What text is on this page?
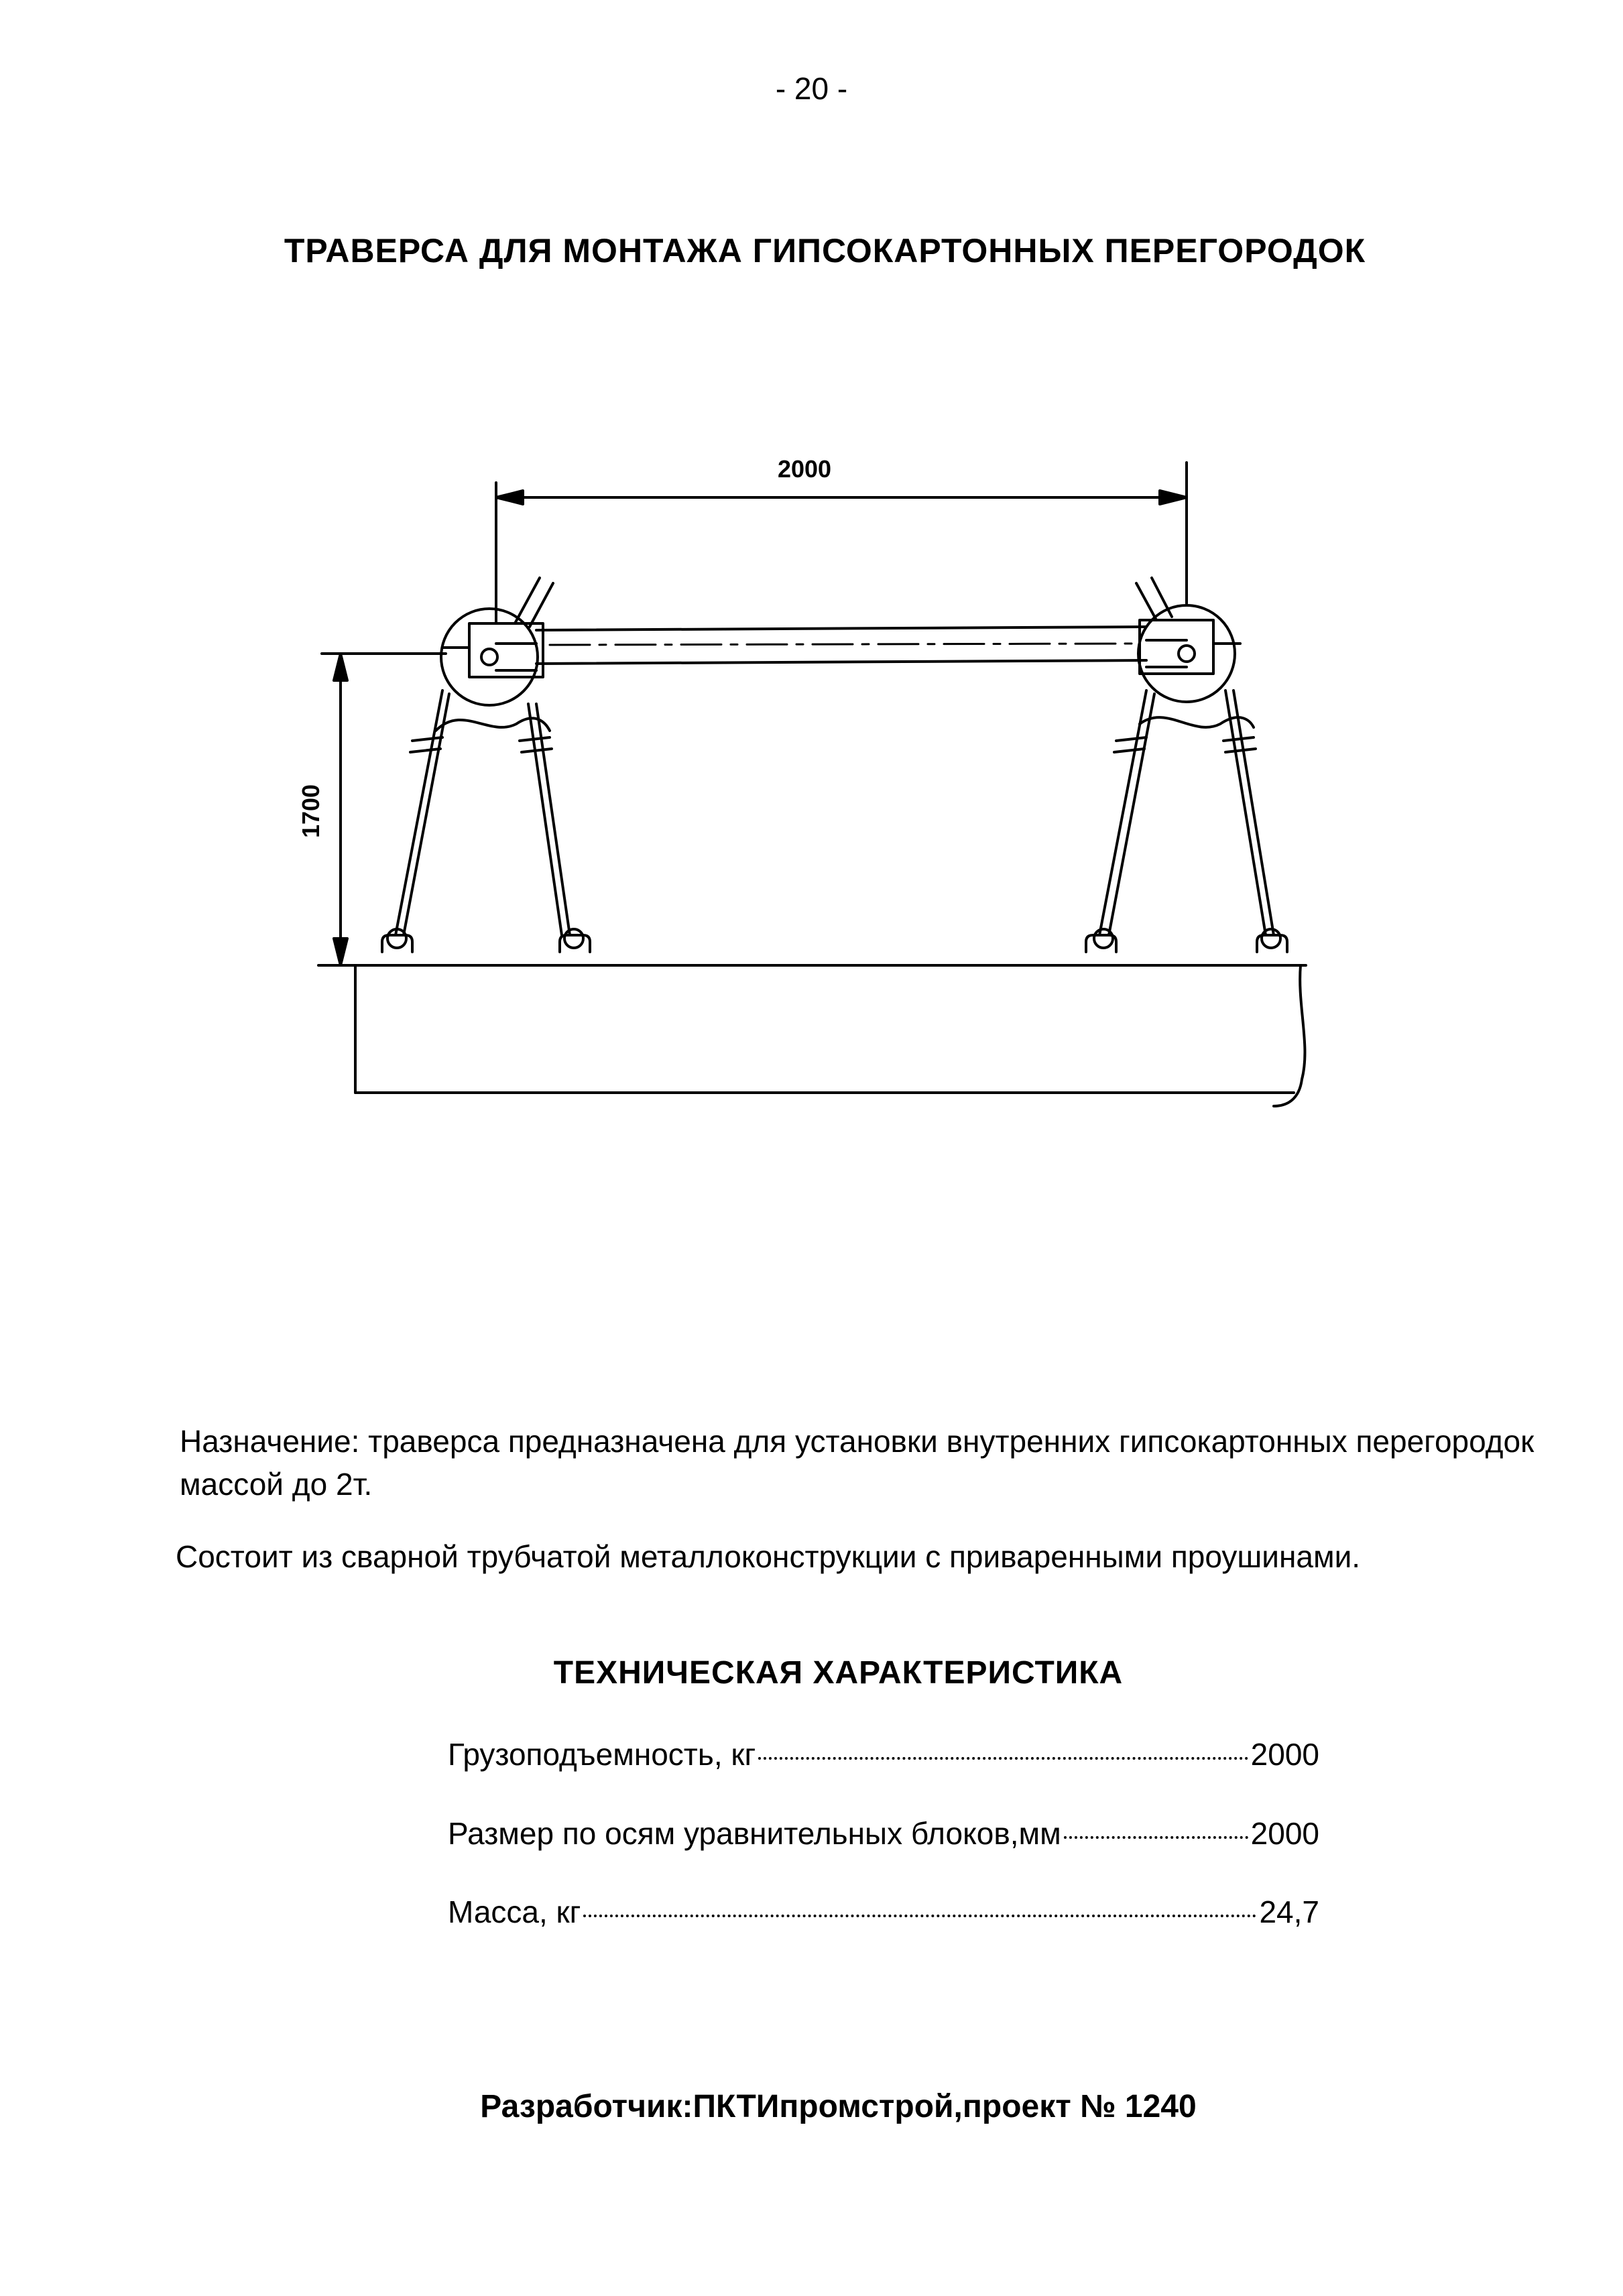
- 20 -
ТРАВЕРСА ДЛЯ МОНТАЖА ГИПСОКАРТОННЫХ ПЕРЕГОРОДОК
2000
1700
Назначение: траверса предназначена для установки внутренних гипсокартонных перегородок массой до 2т.
Состоит из сварной трубчатой металлоконструкции с приваренными проушинами.
ТЕХНИЧЕСКАЯ ХАРАКТЕРИСТИКА
Грузоподъемность, кг	2000
Размер по осям уравнительных блоков,мм	2000
Масса, кг	24,7
Разработчик:ПКТИпромстрой,проект № 1240
